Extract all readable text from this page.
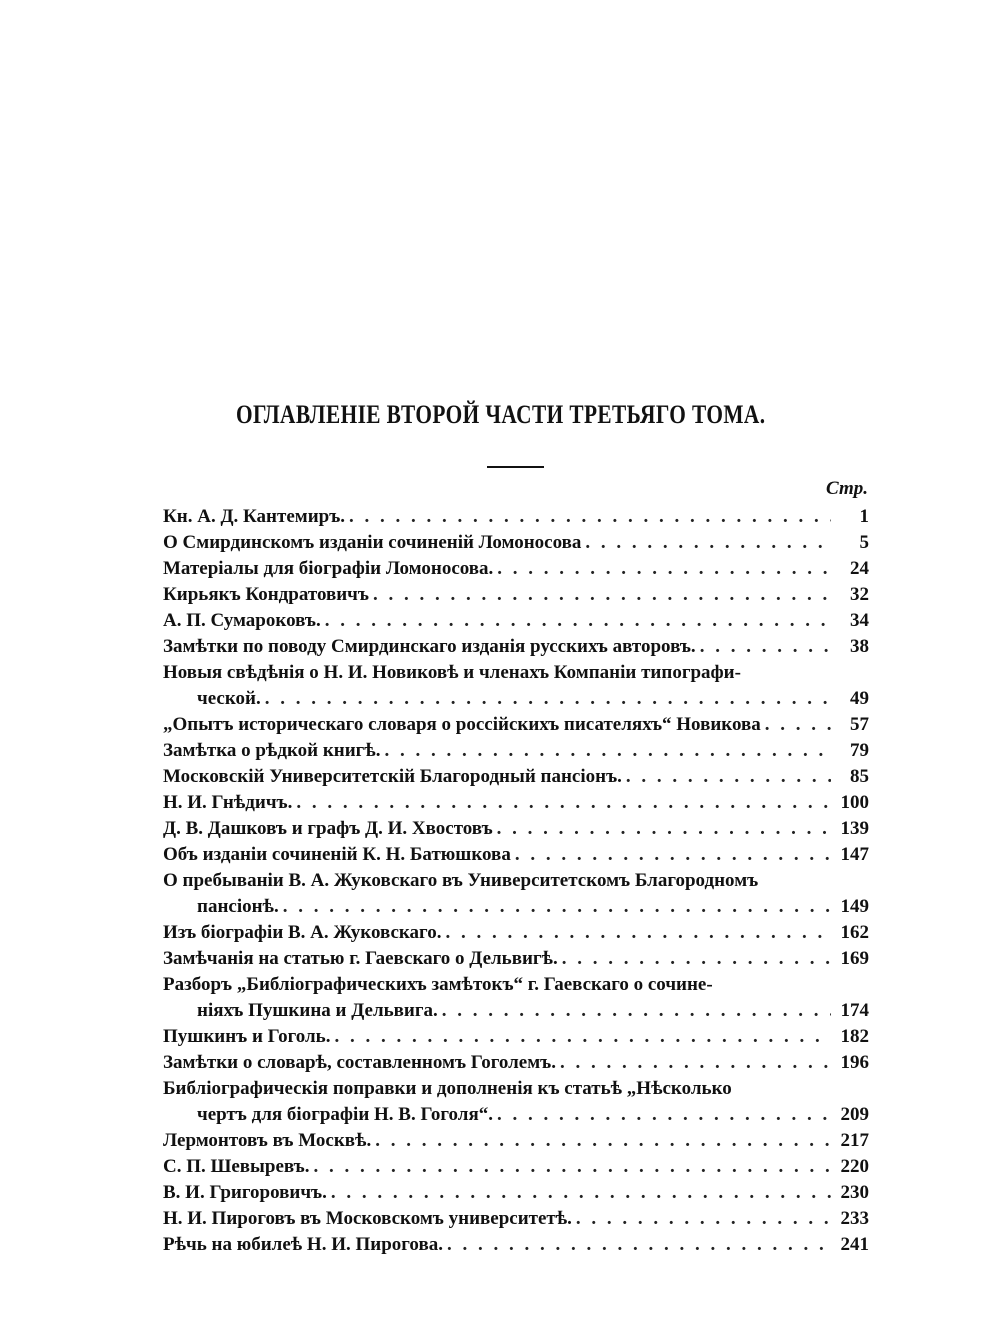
ОГЛАВЛЕНІЕ ВТОРОЙ ЧАСТИ ТРЕТЬЯГО ТОМА.
Стр.
Кн. А. Д. Кантемиръ. . . .	1
О Смирдинскомъ изданіи сочиненій Ломоносова . . .	5
Матеріалы для біографіи Ломоносова. . . .	24
Кирьякъ Кондратовичъ . . .	32
А. П. Сумароковъ. . . .	34
Замѣтки по поводу Смирдинскаго изданія русскихъ авторовъ. . . .	38
Новыя свѣдѣнія о Н. И. Новиковѣ и членахъ Компаніи типографи-
ческой. . . .	49
„Опытъ историческаго словаря о россійскихъ писателяхъ“ Новикова . . .	57
Замѣтка о рѣдкой книгѣ. . . .	79
Московскій Университетскій Благородный пансіонъ. . . .	85
Н. И. Гнѣдичъ. . . .	100
Д. В. Дашковъ и графъ Д. И. Хвостовъ . . .	139
Объ изданіи сочиненій К. Н. Батюшкова . . .	147
О пребываніи В. А. Жуковскаго въ Университетскомъ Благородномъ
пансіонѣ. . . .	149
Изъ біографіи В. А. Жуковскаго. . . .	162
Замѣчанія на статью г. Гаевскаго о Дельвигѣ. . . .	169
Разборъ „Библіографическихъ замѣтокъ“ г. Гаевскаго о сочине-
ніяхъ Пушкина и Дельвига. . . .	174
Пушкинъ и Гоголь. . . .	182
Замѣтки о словарѣ, составленномъ Гоголемъ. . . .	196
Библіографическія поправки и дополненія къ статьѣ „Нѣсколько
чертъ для біографіи Н. В. Гоголя“. . . .	209
Лермонтовъ въ Москвѣ. . . .	217
С. П. Шевыревъ. . . .	220
В. И. Григоровичъ. . . .	230
Н. И. Пироговъ въ Московскомъ университетѣ. . . .	233
Рѣчь на юбилеѣ Н. И. Пирогова. . . .	241
